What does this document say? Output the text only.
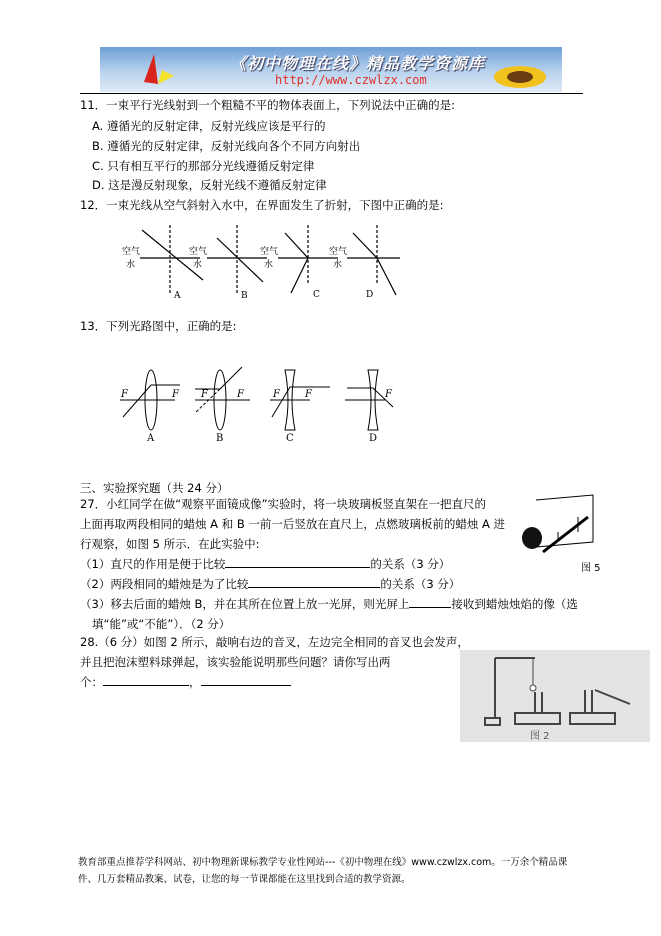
《初中物理在线》精品教学资源库
http://www.czwlzx.com
11．一束平行光线射到一个粗糙不平的物体表面上，下列说法中正确的是:
A. 遵循光的反射定律，反射光线应该是平行的
B. 遵循光的反射定律，反射光线向各个不同方向射出
C. 只有相互平行的那部分光线遵循反射定律
D. 这是漫反射现象，反射光线不遵循反射定律
12．一束光线从空气斜射入水中，在界面发生了折射，下图中正确的是:
空气
水
空气
水
空气
水
空气
水
A	B	C	D
13．下列光路图中，正确的是:
F	F F	F	F	F	F
A	B	C	D
三、实验探究题（共 24 分）
27．小红同学在做“观察平面镜成像”实验时，将一块玻璃板竖直架在一把直尺的
上面再取两段相同的蜡烛 A 和 B 一前一后竖放在直尺上，点燃玻璃板前的蜡烛 A 进
行观察，如图 5 所示．在此实验中:
（1）直尺的作用是便于比较	的关系（3 分）
（2）两段相同的蜡烛是为了比较	的关系（3 分）
（3）移去后面的蜡烛 B，并在其所在位置上放一光屏，则光屏上	接收到蜡烛烛焰的像（选
填“能”或“不能”）．（2 分）
图 5
28.（6 分）如图 2 所示，敲响右边的音叉，左边完全相同的音叉也会发声，
并且把泡沫塑料球弹起，该实验能说明那些问题？请你写出两
个：	，
图 2
教育部重点推荐学科网站、初中物理新课标教学专业性网站---《初中物理在线》www.czwlzx.com。一万余个精品课
件、几万套精品教案、试卷，让您的每一节课都能在这里找到合适的教学资源。
